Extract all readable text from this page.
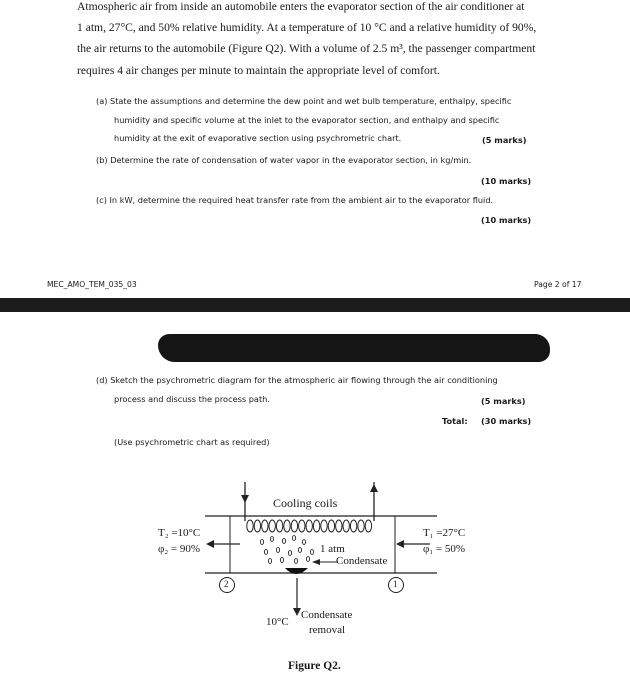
Atmospheric air from inside an automobile enters the evaporator section of the air conditioner at
1 atm, 27°C, and 50% relative humidity. At a temperature of 10 °C and a relative humidity of 90%,
the air returns to the automobile (Figure Q2). With a volume of 2.5 m³, the passenger compartment
requires 4 air changes per minute to maintain the appropriate level of comfort.
(a) State the assumptions and determine the dew point and wet bulb temperature, enthalpy, specific
humidity and specific volume at the inlet to the evaporator section, and enthalpy and specific
humidity at the exit of evaporative section using psychrometric chart.	(5 marks)
(b) Determine the rate of condensation of water vapor in the evaporator section, in kg/min.
(10 marks)
(c) In kW, determine the required heat transfer rate from the ambient air to the evaporator fluid.
(10 marks)
MEC_AMO_TEM_035_03	Page 2 of 17
(d) Sketch the psychrometric diagram for the atmospheric air flowing through the air conditioning
process and discuss the process path.	(5 marks)
Total: (30 marks)
(Use psychrometric chart as required)
Cooling coils
T₂ =10°C
φ₂ = 90%
T₁ =27°C
φ₁ = 50%
1 atm
Condensate
2	1
10°C
Condensate
removal
Figure Q2.
